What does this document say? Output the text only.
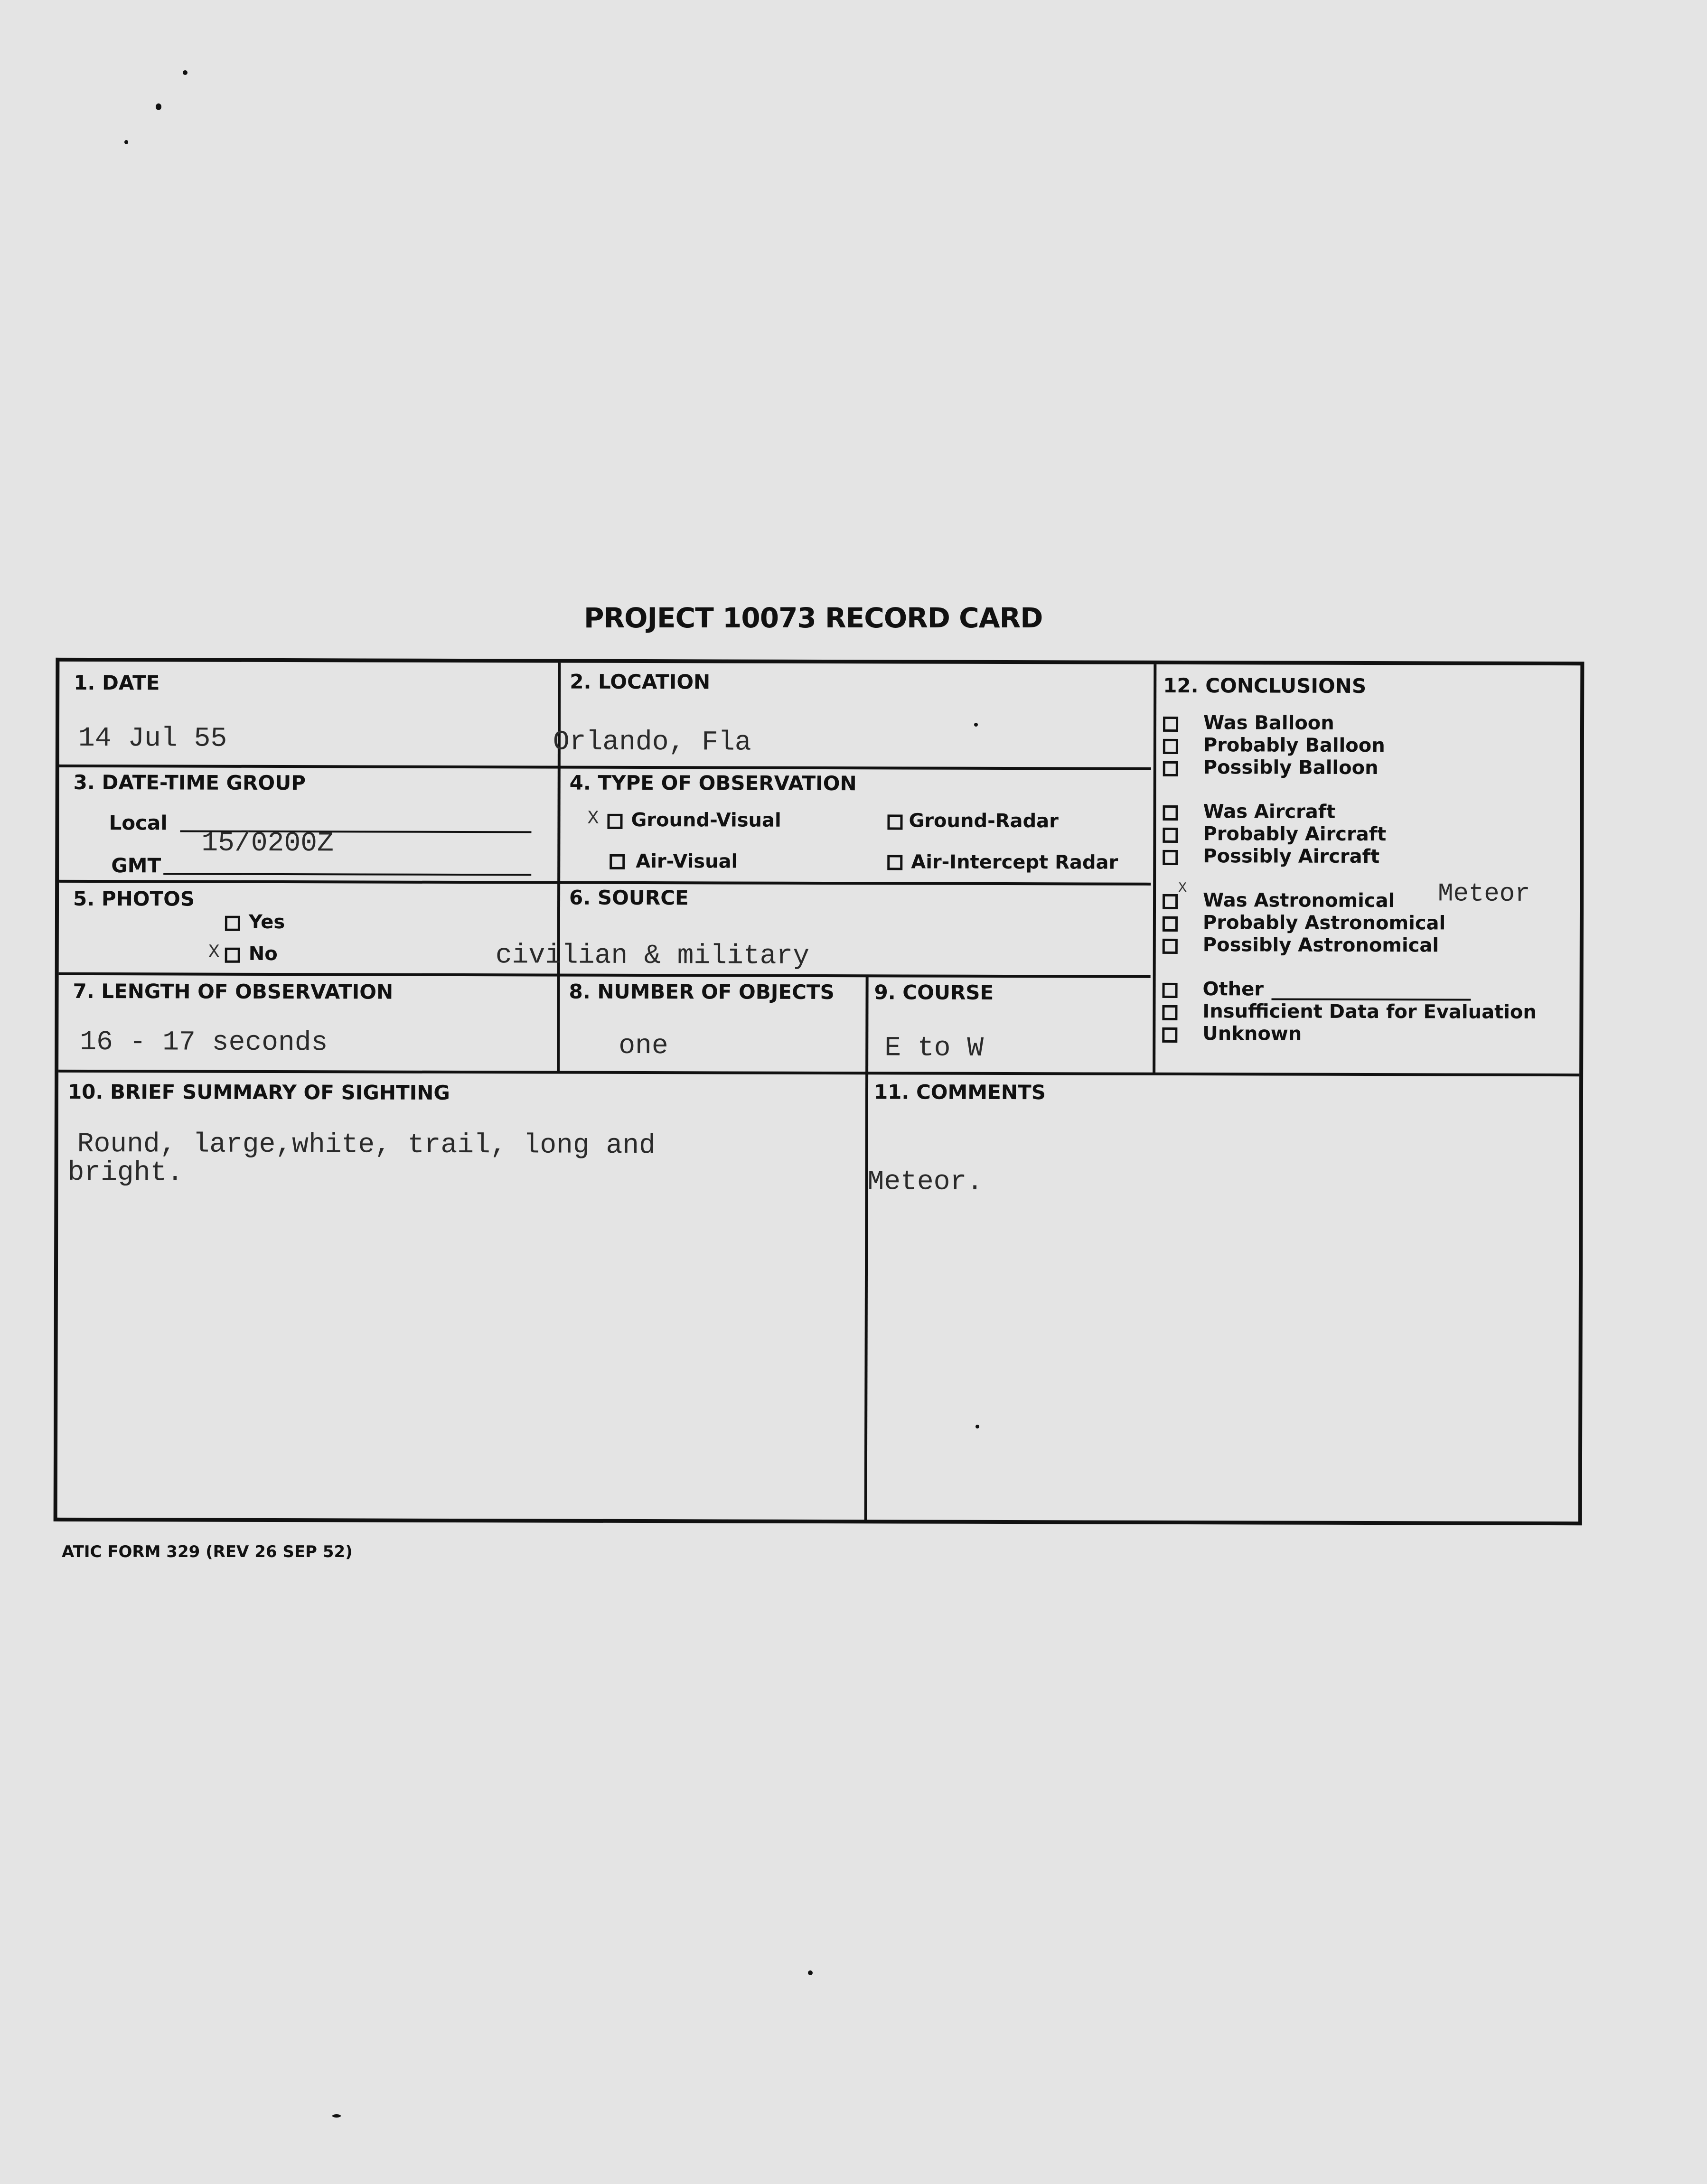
PROJECT 10073 RECORD CARD
1. DATE
14 Jul 55
2. LOCATION
Orlando, Fla
3. DATE-TIME GROUP
Local
15/0200Z
GMT
4. TYPE OF OBSERVATION
X Ground-Visual	Ground-Radar
Air-Visual	Air-Intercept Radar
5. PHOTOS
Yes
X No
6. SOURCE
civilian & military
7. LENGTH OF OBSERVATION
16 - 17 seconds
8. NUMBER OF OBJECTS
one
9. COURSE
E to W
10. BRIEF SUMMARY OF SIGHTING
Round, large,white, trail, long and
bright.
11. COMMENTS
Meteor.
12. CONCLUSIONS
Was Balloon
Probably Balloon
Possibly Balloon
Was Aircraft
Probably Aircraft
Possibly Aircraft
X
Was Astronomical Meteor
Probably Astronomical
Possibly Astronomical
Other
Insufficient Data for Evaluation
Unknown
ATIC FORM 329 (REV 26 SEP 52)
